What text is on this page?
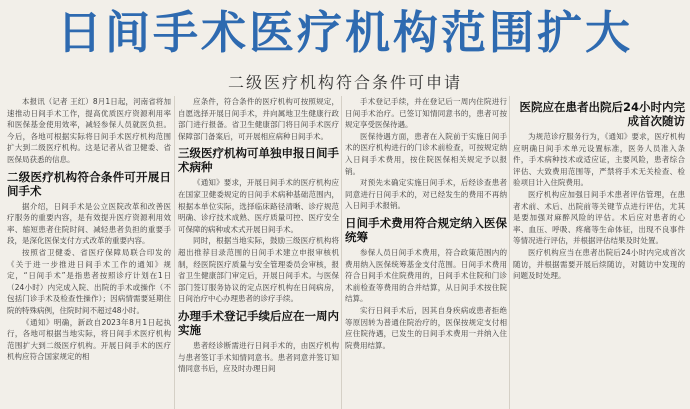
日间手术医疗机构范围扩大
二级医疗机构符合条件可申请

本报讯（记者 王红）8月1日起，河南省将加速推动日间手术工作，提高优质医疗资源利用率和医保基金使用效率，减轻参保人员就医负担。今后，各地可根据实际将日间手术医疗机构范围扩大到二级医疗机构。这是记者从省卫健委、省医保局获悉的信息。

二级医疗机构符合条件可开展日间手术

据介绍，日间手术是公立医院改革和改善医疗服务的重要内容，是有效提升医疗资源利用效率、缩短患者住院时间、减轻患者负担的重要手段，是深化医保支付方式改革的重要内容。

按照省卫健委、省医疗保障局联合印发的《关于进一步推进日间手术工作的通知》规定，“日间手术”是指患者按照诊疗计划在1日（24小时）内完成入院、出院的手术或操作（不包括门诊手术及检查性操作）；因病情需要延期住院的特殊病例，住院时间不超过48小时。

《通知》明确，新政自2023年8月1日起执行，各地可根据当地实际，将日间手术医疗机构范围扩大到二级医疗机构。开展日间手术的医疗机构应符合国家规定的相

应条件，符合条件的医疗机构可按照规定，自愿选择开展日间手术，并向属地卫生健康行政部门进行报备。省卫生健康部门将日间手术医疗保障部门备案后，可开展相应病种日间手术。

三级医疗机构可单独申报日间手术病种

《通知》要求，开展日间手术的医疗机构应在国家卫健委规定的日间手术病种基础范围内，根据本单位实际，选择临床路径清晰、诊疗规范明确、诊疗技术成熟、医疗质量可控、医疗安全可保障的病种或术式开展日间手术。

同时，根据当地实际，鼓励三级医疗机构将超出推荐目录范围的日间手术建立申报审核机制，经医院医疗质量与安全管理委员会审核，报省卫生健康部门审定后，开展日间手术。与医保部门签订服务协议的定点医疗机构在日间病房，日间治疗中心办理患者的诊疗手续。

办理手术登记手续后应在一周内实施

患者经诊断需进行日间手术的，由医疗机构与患者签订手术知情同意书。患者同意并签订知情同意书后，应及时办理日间

手术登记手续，并在登记后一周内住院进行日间手术治疗。已签订知情同意书的，患者可按规定享受医保待遇。

医保待遇方面，患者在入院前于实施日间手术的医疗机构进行的门诊术前检查，可按规定纳入日间手术费用，按住院医保相关规定予以报销。

对预先未确定实施日间手术，后经诊查患者同意进行日间手术的，对已经发生的费用不再纳入日间手术报销。

日间手术费用符合规定纳入医保统筹

参保人员日间手术费用，符合政策范围内的费用纳入医保统筹基金支付范围。日间手术费用符合日间手术住院费用的，日间手术住院和门诊术前检查等费用的合并结算，从日间手术按住院结算。

实行日间手术后，因其自身疾病或患者拒绝等原因转为普通住院治疗的，医保按规定支付相应住院待遇，已发生的日间手术费用一并纳入住院费用结算。

医院应在患者出院后24小时内完成首次随访

为规范诊疗服务行为，《通知》要求，医疗机构应明确日间手术单元设置标准，医务人员准入条件，手术病种技术或适应证，主要风险，患者综合评估、大致费用范围等，严禁将手术无关检查、检验项目计入住院费用。

医疗机构应加强日间手术患者评估管理，在患者术前、术后、出院前等关键节点进行评估，尤其是要加强对麻醉风险的评估。术后应对患者的心率、血压、呼吸、疼痛等生命体征，出现不良事件等情况进行评估，并根据评估结果及时处置。

医疗机构应当在患者出院后24小时内完成首次随访，并根据需要开展后续随访，对随访中发现的问题及时处理。
